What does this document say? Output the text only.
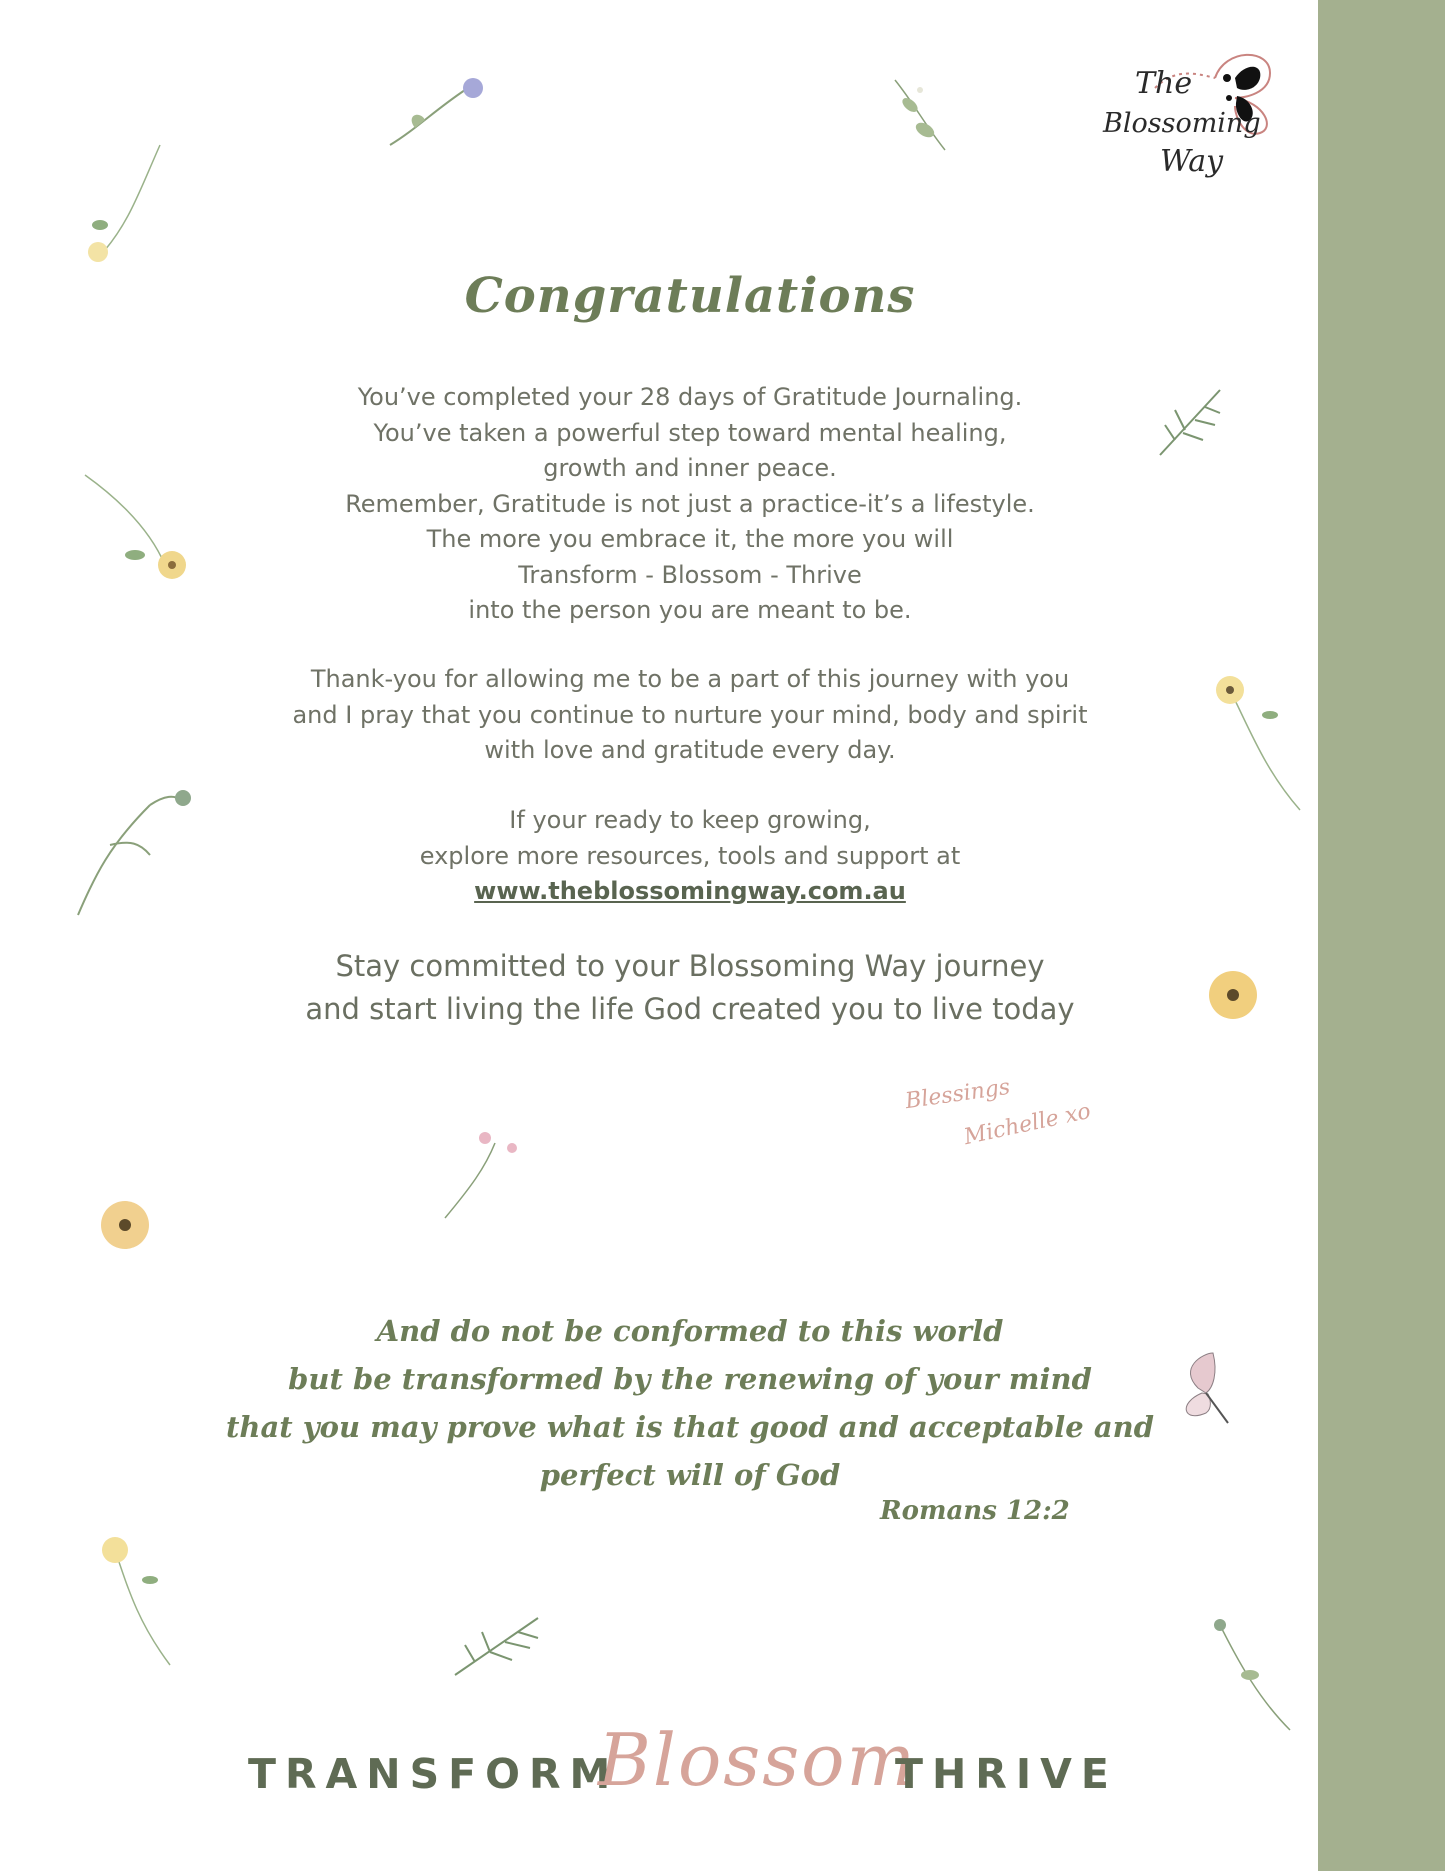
The
Blossoming
Way
Congratulations
You’ve completed your 28 days of Gratitude Journaling.
You’ve taken a powerful step toward mental healing,
growth and inner peace.
Remember, Gratitude is not just a practice-it’s a lifestyle.
The more you embrace it, the more you will
Transform - Blossom - Thrive
into the person you are meant to be.
Thank-you for allowing me to be a part of this journey with you
and I pray that you continue to nurture your mind, body and spirit
with love and gratitude every day.
If your ready to keep growing,
explore more resources, tools and support at
www.theblossomingway.com.au
Stay committed to your Blossoming Way journey
and start living the life God created you to live today
Blessings
Michelle xo
And do not be conformed to this world
but be transformed by the renewing of your mind
that you may prove what is that good and acceptable and
perfect will of God
Romans 12:2
TRANSFORM
Blossom
THRIVE
